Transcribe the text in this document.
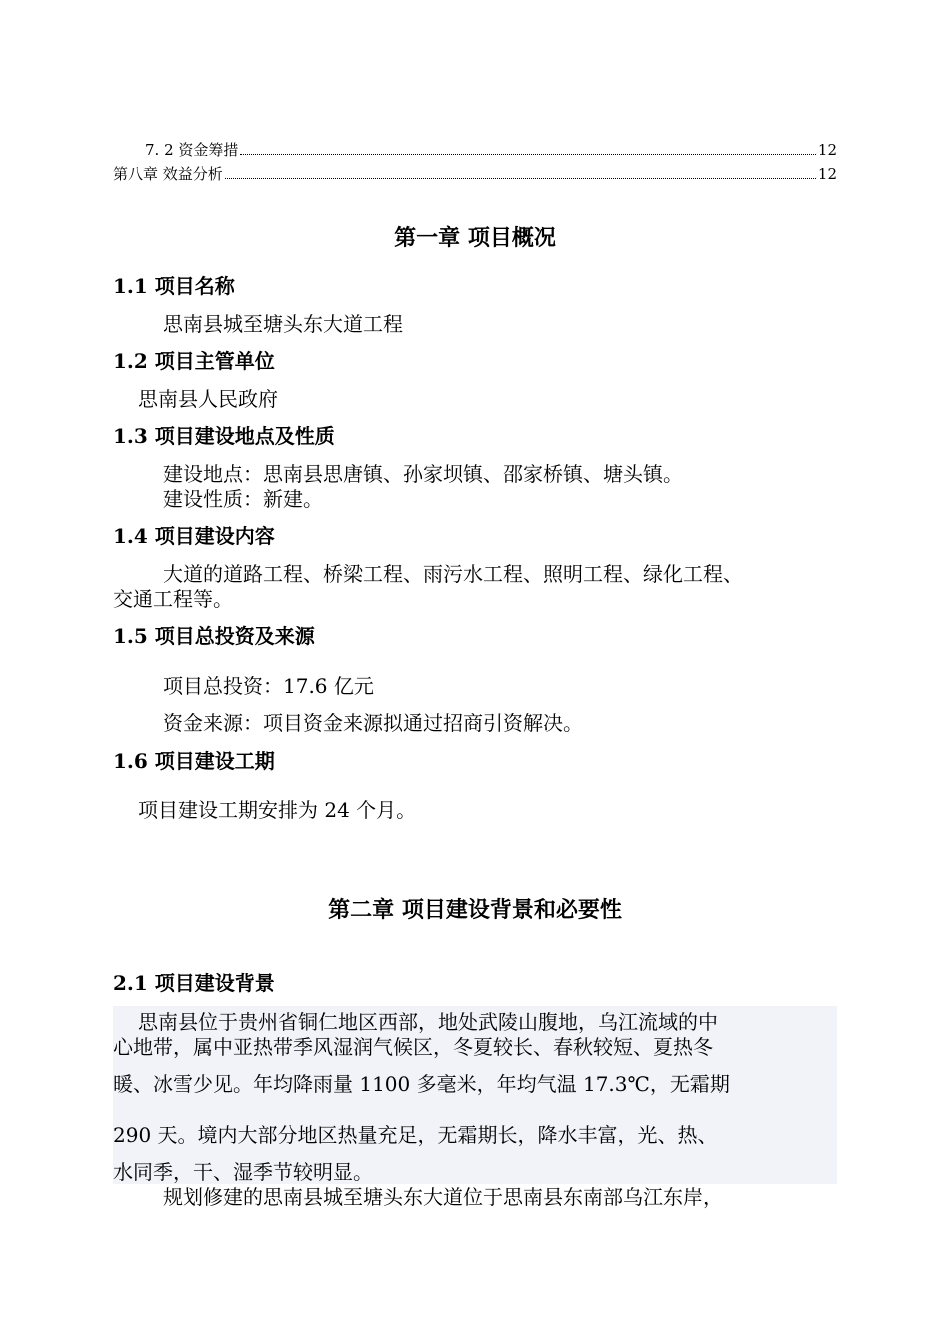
7. 2 资金筹措	12
第八章 效益分析	12
第一章 项目概况
1.1 项目名称
思南县城至塘头东大道工程
1.2 项目主管单位
思南县人民政府
1.3 项目建设地点及性质
建设地点：思南县思唐镇、孙家坝镇、邵家桥镇、塘头镇。
建设性质：新建。
1.4 项目建设内容
大道的道路工程、桥梁工程、雨污水工程、照明工程、绿化工程、
交通工程等。
1.5 项目总投资及来源
项目总投资：17.6 亿元
资金来源：项目资金来源拟通过招商引资解决。
1.6 项目建设工期
项目建设工期安排为 24 个月。
第二章 项目建设背景和必要性
2.1 项目建设背景
思南县位于贵州省铜仁地区西部，地处武陵山腹地，乌江流域的中
心地带，属中亚热带季风湿润气候区，冬夏较长、春秋较短、夏热冬
暖、冰雪少见。年均降雨量 1100 多毫米，年均气温 17.3℃，无霜期
290 天。境内大部分地区热量充足，无霜期长，降水丰富，光、热、
水同季，干、湿季节较明显。
规划修建的思南县城至塘头东大道位于思南县东南部乌江东岸，
